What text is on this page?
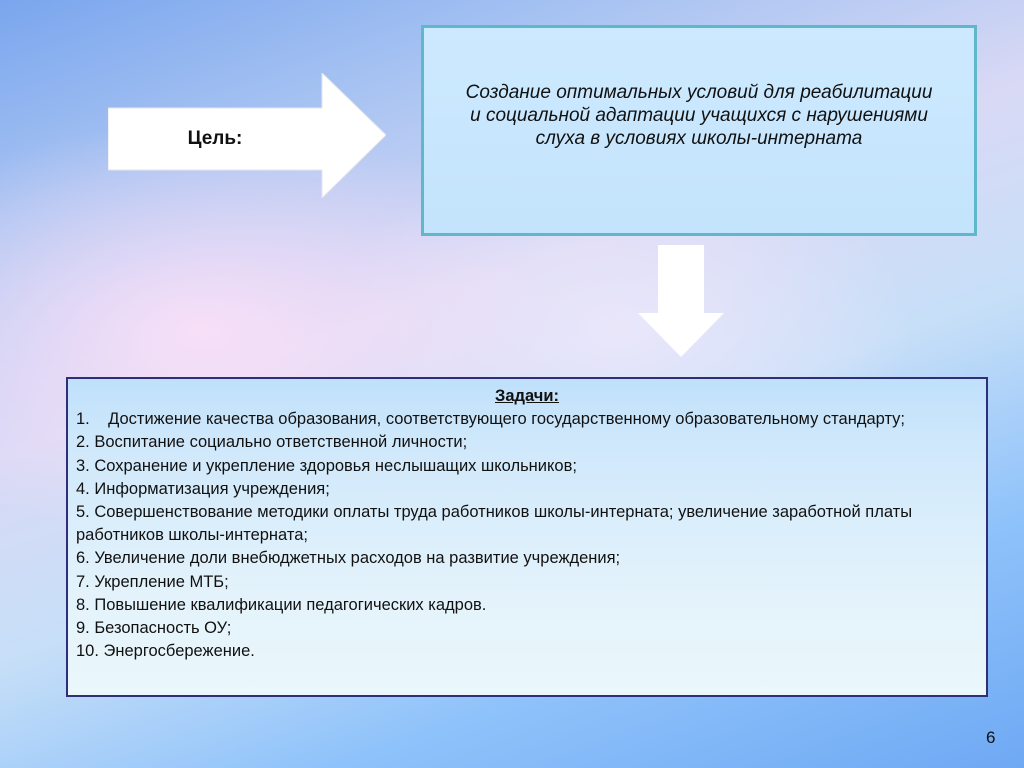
Цель:
Создание оптимальных условий для реабилитации и социальной адаптации учащихся с нарушениями слуха в условиях школы-интерната
Задачи:
1.    Достижение качества образования, соответствующего государственному образовательному стандарту;
2. Воспитание социально ответственной личности;
3. Сохранение и укрепление здоровья неслышащих школьников;
4. Информатизация учреждения;
5. Совершенствование методики оплаты труда работников школы-интерната; увеличение заработной платы работников школы-интерната;
6. Увеличение доли внебюджетных расходов на развитие учреждения;
7. Укрепление МТБ;
8. Повышение квалификации педагогических кадров.
9. Безопасность ОУ;
10. Энергосбережение.
6
